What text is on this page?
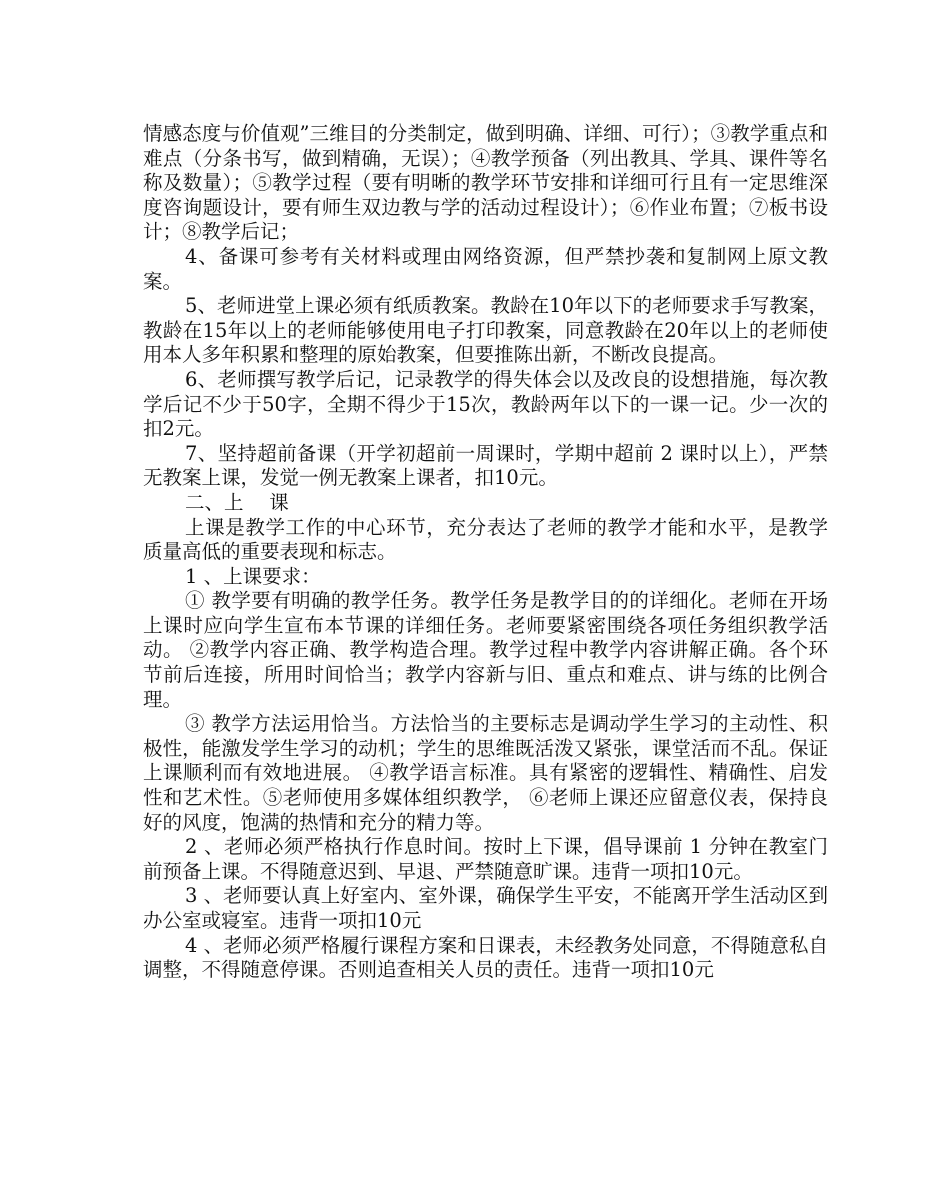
情感态度与价值观”三维目的分类制定，做到明确、详细、可行）；③教学重点和难点（分条书写，做到精确，无误）；④教学预备（列出教具、学具、课件等名称及数量）；⑤教学过程（要有明晰的教学环节安排和详细可行且有一定思维深度咨询题设计，要有师生双边教与学的活动过程设计）；⑥作业布置；⑦板书设计；⑧教学后记；

4、备课可参考有关材料或理由网络资源，但严禁抄袭和复制网上原文教案。

5、老师进堂上课必须有纸质教案。教龄在10年以下的老师要求手写教案，教龄在15年以上的老师能够使用电子打印教案，同意教龄在20年以上的老师使用本人多年积累和整理的原始教案，但要推陈出新，不断改良提高。

6、老师撰写教学后记，记录教学的得失体会以及改良的设想措施，每次教学后记不少于50字，全期不得少于15次，教龄两年以下的一课一记。少一次的扣2元。

7、坚持超前备课（开学初超前一周课时，学期中超前 2 课时以上），严禁无教案上课，发觉一例无教案上课者，扣10元。

二、上　 课

上课是教学工作的中心环节，充分表达了老师的教学才能和水平，是教学质量高低的重要表现和标志。

1 、上课要求：

① 教学要有明确的教学任务。教学任务是教学目的的详细化。老师在开场上课时应向学生宣布本节课的详细任务。老师要紧密围绕各项任务组织教学活动。 ②教学内容正确、教学构造合理。教学过程中教学内容讲解正确。各个环节前后连接，所用时间恰当；教学内容新与旧、重点和难点、讲与练的比例合理。

③ 教学方法运用恰当。方法恰当的主要标志是调动学生学习的主动性、积极性，能激发学生学习的动机；学生的思维既活泼又紧张，课堂活而不乱。保证上课顺利而有效地进展。 ④教学语言标准。具有紧密的逻辑性、精确性、启发性和艺术性。⑤老师使用多媒体组织教学， ⑥老师上课还应留意仪表，保持良好的风度，饱满的热情和充分的精力等。

2 、老师必须严格执行作息时间。按时上下课，倡导课前 1 分钟在教室门前预备上课。不得随意迟到、早退、严禁随意旷课。违背一项扣10元。

3 、老师要认真上好室内、室外课，确保学生平安，不能离开学生活动区到办公室或寝室。违背一项扣10元

4 、老师必须严格履行课程方案和日课表，未经教务处同意，不得随意私自调整，不得随意停课。否则追查相关人员的责任。违背一项扣10元
